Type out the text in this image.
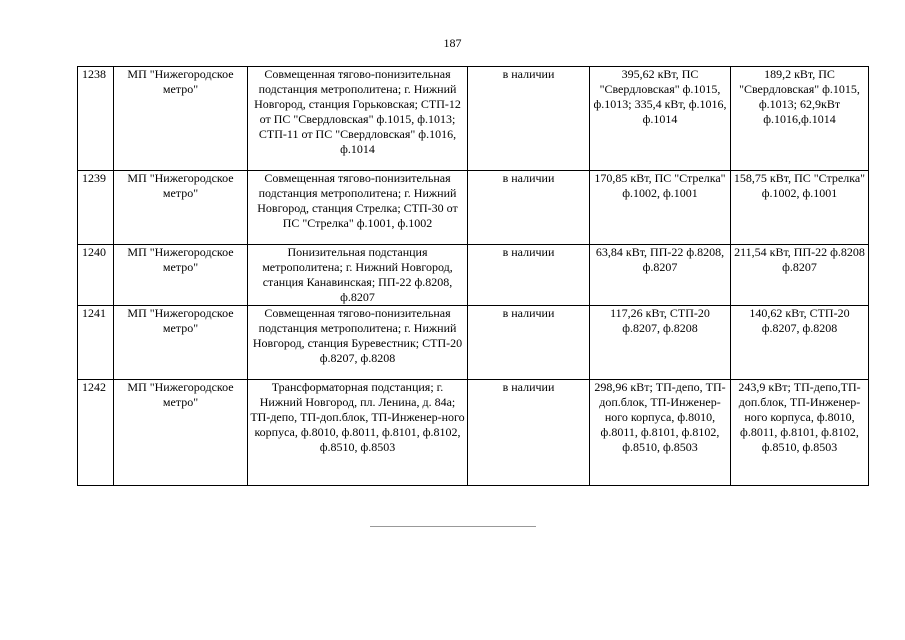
187
1238	МП "Нижегородское метро"	Совмещенная тягово-понизительная подстанция метрополитена; г. Нижний Новгород, станция Горьковская; СТП-12 от ПС "Свердловская" ф.1015, ф.1013; СТП-11 от ПС "Свердловская" ф.1016, ф.1014	в наличии	395,62 кВт, ПС "Свердловская" ф.1015, ф.1013; 335,4 кВт, ф.1016, ф.1014	189,2 кВт, ПС "Свердловская" ф.1015, ф.1013; 62,9кВт ф.1016,ф.1014
1239	МП "Нижегородское метро"	Совмещенная тягово-понизительная подстанция метрополитена; г. Нижний Новгород, станция Стрелка; СТП-30 от ПС "Стрелка" ф.1001, ф.1002	в наличии	170,85 кВт, ПС "Стрелка" ф.1002, ф.1001	158,75 кВт, ПС "Стрелка" ф.1002, ф.1001
1240	МП "Нижегородское метро"	Понизительная подстанция метрополитена; г. Нижний Новгород, станция Канавинская; ПП-22 ф.8208, ф.8207	в наличии	63,84 кВт, ПП-22 ф.8208, ф.8207	211,54 кВт, ПП-22 ф.8208 ф.8207
1241	МП "Нижегородское метро"	Совмещенная тягово-понизительная подстанция метрополитена; г. Нижний Новгород, станция Буревестник; СТП-20 ф.8207, ф.8208	в наличии	117,26 кВт, СТП-20 ф.8207, ф.8208	140,62 кВт, СТП-20 ф.8207, ф.8208
1242	МП "Нижегородское метро"	Трансформаторная подстанция; г. Нижний Новгород, пл. Ленина, д. 84а; ТП-депо, ТП-доп.блок, ТП-Инженер-ного корпуса, ф.8010, ф.8011, ф.8101, ф.8102, ф.8510, ф.8503	в наличии	298,96 кВт; ТП-депо, ТП-доп.блок, ТП-Инженер-ного корпуса, ф.8010, ф.8011, ф.8101, ф.8102, ф.8510, ф.8503	243,9 кВт; ТП-депо,ТП-доп.блок, ТП-Инженер-ного корпуса, ф.8010, ф.8011, ф.8101, ф.8102, ф.8510, ф.8503
